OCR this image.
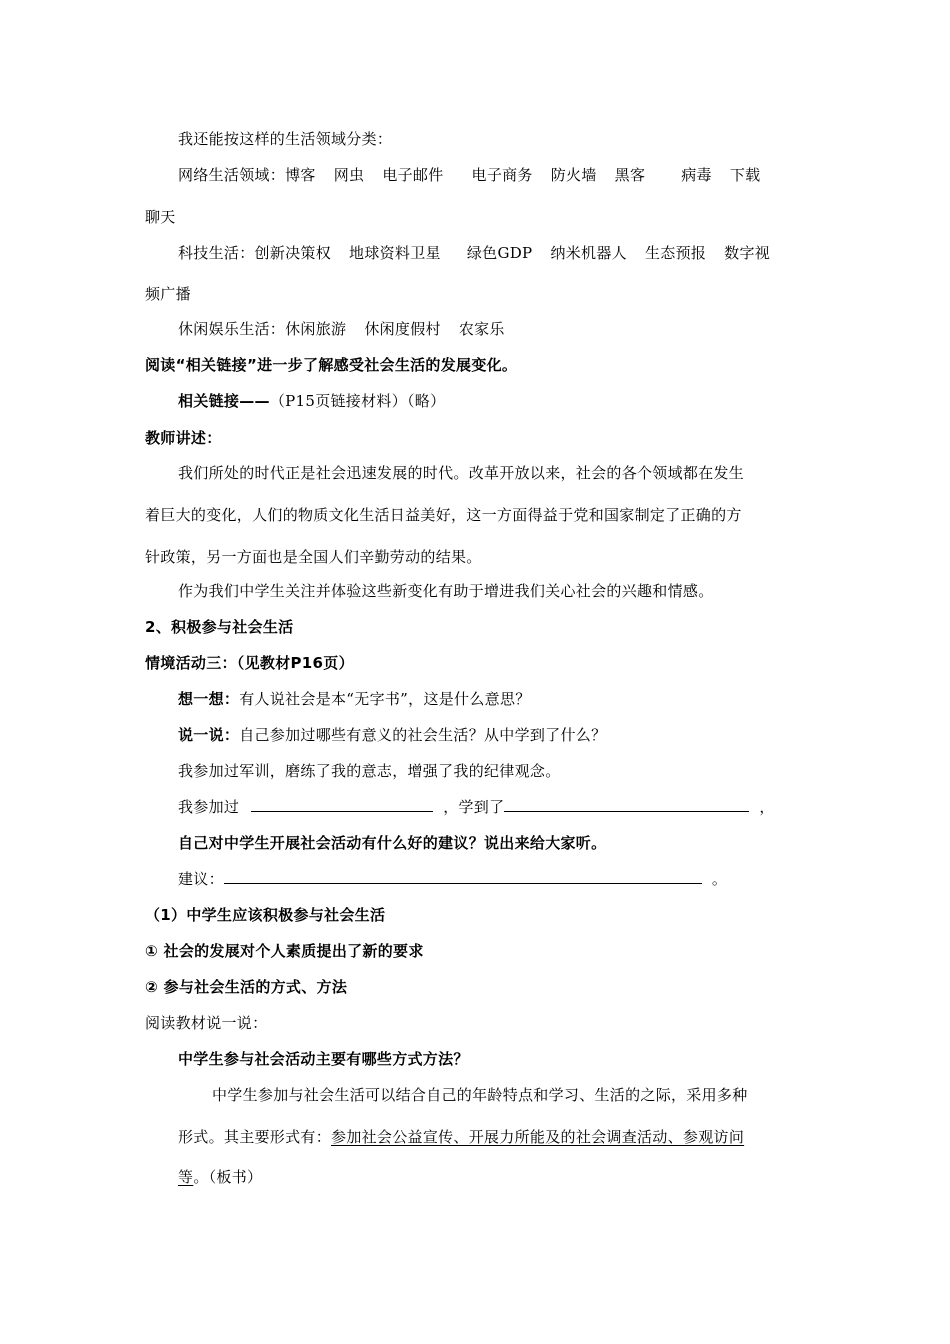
我还能按这样的生活领域分类：
网络生活领域：博客 网虫 电子邮件 电子商务 防火墙 黑客 病毒 下载
聊天
科技生活：创新决策权 地球资料卫星 绿色GDP 纳米机器人 生态预报 数字视
频广播
休闲娱乐生活：休闲旅游 休闲度假村 农家乐
阅读“相关链接”进一步了解感受社会生活的发展变化。
相关链接——（P15页链接材料）（略）
教师讲述：
我们所处的时代正是社会迅速发展的时代。改革开放以来，社会的各个领域都在发生
着巨大的变化，人们的物质文化生活日益美好，这一方面得益于党和国家制定了正确的方
针政策，另一方面也是全国人们辛勤劳动的结果。
作为我们中学生关注并体验这些新变化有助于增进我们关心社会的兴趣和情感。
2、积极参与社会生活
情境活动三：（见教材P16页）
想一想：有人说社会是本“无字书”，这是什么意思？
说一说：自己参加过哪些有意义的社会生活？从中学到了什么？
我参加过军训，磨练了我的意志，增强了我的纪律观念。
我参加过	，学到了	，
自己对中学生开展社会活动有什么好的建议？说出来给大家听。
建议：	。
（1）中学生应该积极参与社会生活
① 社会的发展对个人素质提出了新的要求
② 参与社会生活的方式、方法
阅读教材说一说：
中学生参与社会活动主要有哪些方式方法？
中学生参加与社会生活可以结合自己的年龄特点和学习、生活的之际，采用多种
形式。其主要形式有：参加社会公益宣传、开展力所能及的社会调查活动、参观访问
等。（板书）
